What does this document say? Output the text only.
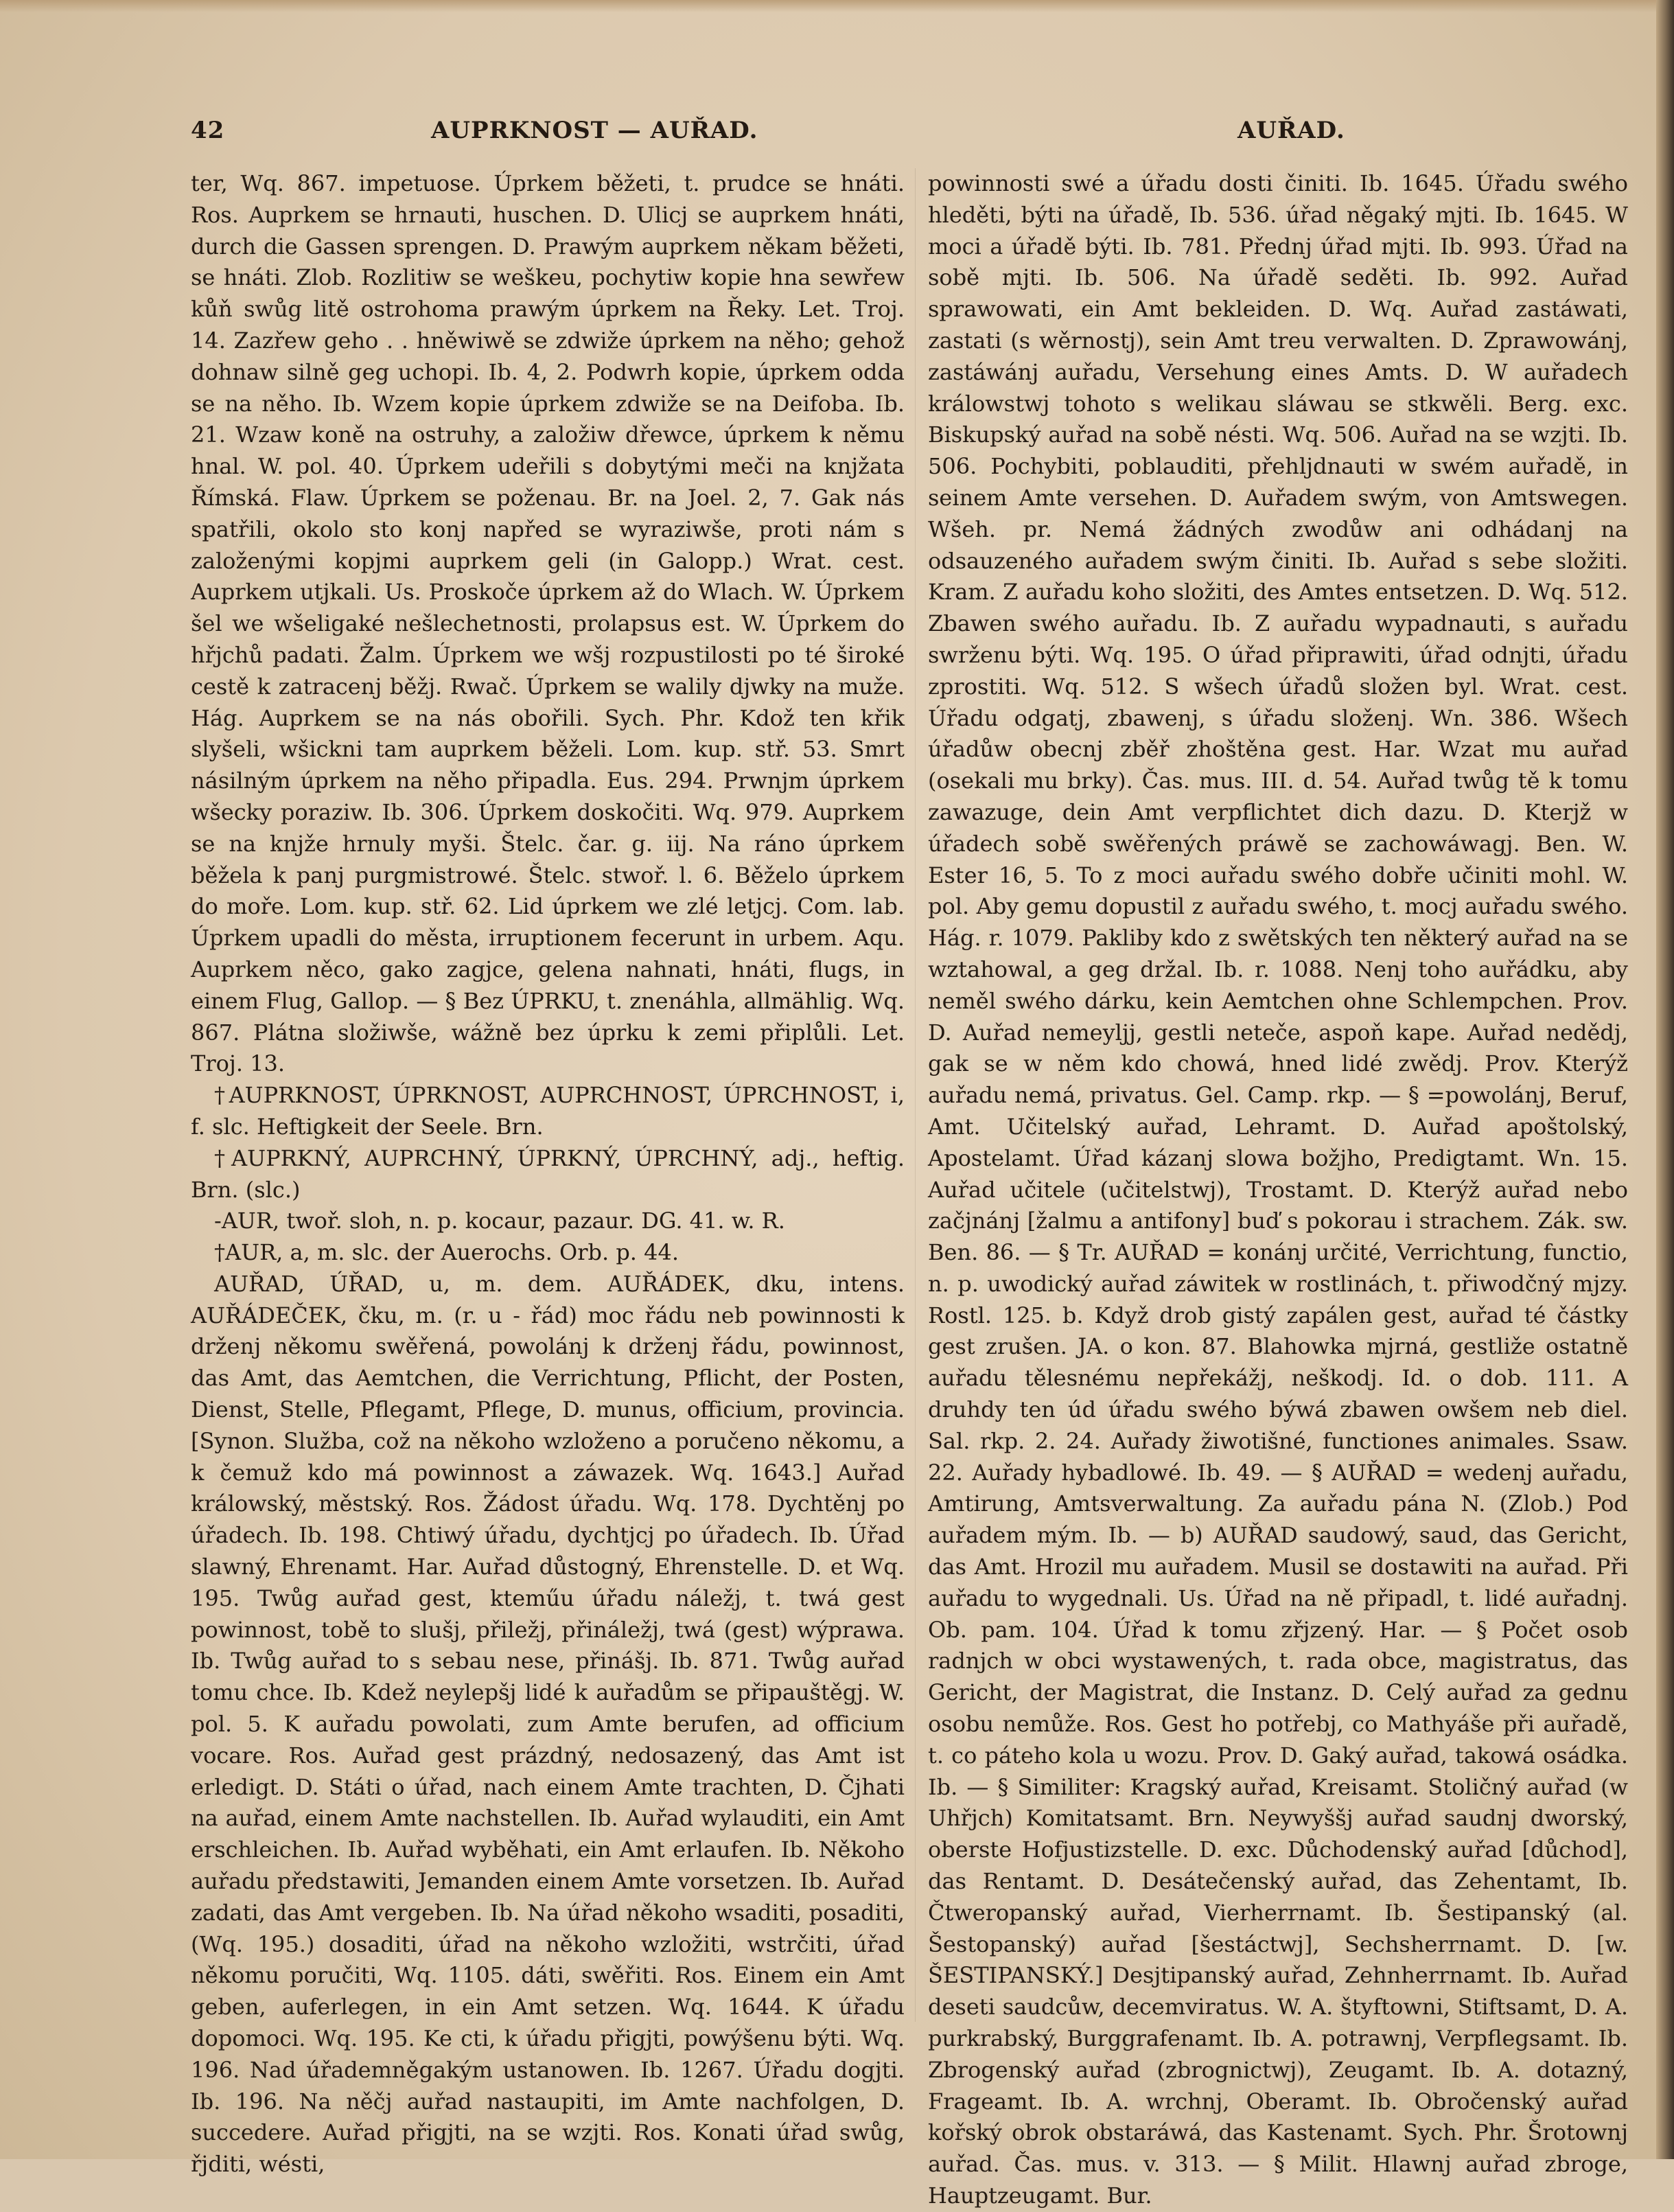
42	AUPRKNOST — AUŘAD.	AUŘAD.

ter, Wq. 867. impetuose. Úprkem běžeti, t. prudce se hnáti. Ros. Auprkem se hrnauti, huschen. D. Ulicj se auprkem hnáti, durch die Gassen sprengen. D. Prawým auprkem někam běžeti, se hnáti. Zlob. Rozlitiw se weškeu, pochytiw kopie hna sewřew kůň swůg litě ostrohoma prawým úprkem na Řeky. Let. Troj. 14. Zazřew geho . . hněwiwě se zdwiže úprkem na něho; gehož dohnaw silně geg uchopi. Ib. 4, 2. Podwrh kopie, úprkem odda se na něho. Ib. Wzem kopie úprkem zdwiže se na Deifoba. Ib. 21. Wzaw koně na ostruhy, a založiw dřewce, úprkem k němu hnal. W. pol. 40. Úprkem udeřili s dobytými meči na knjžata Římská. Flaw. Úprkem se poženau. Br. na Joel. 2, 7. Gak nás spatřili, okolo sto konj napřed se wyraziwše, proti nám s založenými kopjmi auprkem geli (in Galopp.) Wrat. cest. Auprkem utjkali. Us. Proskoče úprkem až do Wlach. W. Úprkem šel we wšeligaké nešlechetnosti, prolapsus est. W. Úprkem do hřjchů padati. Žalm. Úprkem we wšj rozpustilosti po té široké cestě k zatracenj běžj. Rwač. Úprkem se walily djwky na muže. Hág. Auprkem se na nás obořili. Sych. Phr. Kdož ten křik slyšeli, wšickni tam auprkem běželi. Lom. kup. stř. 53. Smrt násilným úprkem na něho připadla. Eus. 294. Prwnjm úprkem wšecky poraziw. Ib. 306. Úprkem doskočiti. Wq. 979. Auprkem se na knjže hrnuly myši. Štelc. čar. g. iij. Na ráno úprkem běžela k panj purgmistrowé. Štelc. stwoř. l. 6. Běželo úprkem do moře. Lom. kup. stř. 62. Lid úprkem we zlé letjcj. Com. lab. Úprkem upadli do města, irruptionem fecerunt in urbem. Aqu. Auprkem něco, gako zagjce, gelena nahnati, hnáti, flugs, in einem Flug, Gallop. — § Bez ÚPRKU, t. znenáhla, allmählig. Wq. 867. Plátna složiwše, wážně bez úprku k zemi připlůli. Let. Troj. 13.

†AUPRKNOST, ÚPRKNOST, AUPRCHNOST, ÚPRCHNOST, i, f. slc. Heftigkeit der Seele. Brn.

†AUPRKNÝ, AUPRCHNÝ, ÚPRKNÝ, ÚPRCHNÝ, adj., heftig. Brn. (slc.)

-AUR, twoř. sloh, n. p. kocaur, pazaur. DG. 41. w. R.

†AUR, a, m. slc. der Auerochs. Orb. p. 44.

AUŘAD, ÚŘAD, u, m. dem. AUŘÁDEK, dku, intens. AUŘÁDEČEK, čku, m. (r. u - řád) moc řádu neb powinnosti k drženj někomu swěřená, powolánj k drženj řádu, powinnost, das Amt, das Aemtchen, die Verrichtung, Pflicht, der Posten, Dienst, Stelle, Pflegamt, Pflege, D. munus, officium, provincia. [Synon. Služba, což na někoho wzloženo a poručeno někomu, a k čemuž kdo má powinnost a záwazek. Wq. 1643.] Auřad králowský, městský. Ros. Žádost úřadu. Wq. 178. Dychtěnj po úřadech. Ib. 198. Chtiwý úřadu, dychtjcj po úřadech. Ib. Úřad slawný, Ehrenamt. Har. Auřad důstogný, Ehrenstelle. D. et Wq. 195. Twůg auřad gest, kteműu úřadu náležj, t. twá gest powinnost, tobě to slušj, přiležj, přináležj, twá (gest) wýprawa. Ib. Twůg auřad to s sebau nese, přinášj. Ib. 871. Twůg auřad tomu chce. Ib. Kdež neylepšj lidé k auřadům se připauštěgj. W. pol. 5. K auřadu powolati, zum Amte berufen, ad officium vocare. Ros. Auřad gest prázdný, nedosazený, das Amt ist erledigt. D. Státi o úřad, nach einem Amte trachten, D. Čjhati na auřad, einem Amte nachstellen. Ib. Auřad wylauditi, ein Amt erschleichen. Ib. Auřad wyběhati, ein Amt erlaufen. Ib. Někoho auřadu předstawiti, Jemanden einem Amte vorsetzen. Ib. Auřad zadati, das Amt vergeben. Ib. Na úřad někoho wsaditi, posaditi, (Wq. 195.) dosaditi, úřad na někoho wzložiti, wstrčiti, úřad někomu poručiti, Wq. 1105. dáti, swěřiti. Ros. Einem ein Amt geben, auferlegen, in ein Amt setzen. Wq. 1644. K úřadu dopomoci. Wq. 195. Ke cti, k úřadu přigjti, powýšenu býti. Wq. 196. Nad úřademněgakým ustanowen. Ib. 1267. Úřadu dogjti. Ib. 196. Na něčj auřad nastaupiti, im Amte nachfolgen, D. succedere. Auřad přigjti, na se wzjti. Ros. Konati úřad swůg, řjditi, wésti,

powinnosti swé a úřadu dosti činiti. Ib. 1645. Úřadu swého hleděti, býti na úřadě, Ib. 536. úřad něgaký mjti. Ib. 1645. W moci a úřadě býti. Ib. 781. Přednj úřad mjti. Ib. 993. Úřad na sobě mjti. Ib. 506. Na úřadě seděti. Ib. 992. Auřad sprawowati, ein Amt bekleiden. D. Wq. Auřad zastáwati, zastati (s wěrnostj), sein Amt treu verwalten. D. Zprawowánj, zastáwánj auřadu, Versehung eines Amts. D. W auřadech králowstwj tohoto s welikau sláwau se stkwěli. Berg. exc. Biskupský auřad na sobě nésti. Wq. 506. Auřad na se wzjti. Ib. 506. Pochybiti, poblauditi, přehljdnauti w swém auřadě, in seinem Amte versehen. D. Auřadem swým, von Amtswegen. Wšeh. pr. Nemá žádných zwodůw ani odhádanj na odsauzeného auřadem swým činiti. Ib. Auřad s sebe složiti. Kram. Z auřadu koho složiti, des Amtes entsetzen. D. Wq. 512. Zbawen swého auřadu. Ib. Z auřadu wypadnauti, s auřadu swrženu býti. Wq. 195. O úřad připrawiti, úřad odnjti, úřadu zprostiti. Wq. 512. S wšech úřadů složen byl. Wrat. cest. Úřadu odgatj, zbawenj, s úřadu složenj. Wn. 386. Wšech úřadůw obecnj zběř zhoštěna gest. Har. Wzat mu auřad (osekali mu brky). Čas. mus. III. d. 54. Auřad twůg tě k tomu zawazuge, dein Amt verpflichtet dich dazu. D. Kterjž w úřadech sobě swěřených práwě se zachowáwagj. Ben. W. Ester 16, 5. To z moci auřadu swého dobře učiniti mohl. W. pol. Aby gemu dopustil z auřadu swého, t. mocj auřadu swého. Hág. r. 1079. Pakliby kdo z swětských ten některý auřad na se wztahowal, a geg držal. Ib. r. 1088. Nenj toho auřádku, aby neměl swého dárku, kein Aemtchen ohne Schlempchen. Prov. D. Auřad nemeyljj, gestli neteče, aspoň kape. Auřad nedědj, gak se w něm kdo chowá, hned lidé zwědj. Prov. Kterýž auřadu nemá, privatus. Gel. Camp. rkp. — § =powolánj, Beruf, Amt. Učitelský auřad, Lehramt. D. Auřad apoštolský, Apostelamt. Úřad kázanj slowa božjho, Predigtamt. Wn. 15. Auřad učitele (učitelstwj), Trostamt. D. Kterýž auřad nebo začjnánj [žalmu a antifony] buď s pokorau i strachem. Zák. sw. Ben. 86. — § Tr. AUŘAD = konánj určité, Verrichtung, functio, n. p. uwodický auřad záwitek w rostlinách, t. přiwodčný mjzy. Rostl. 125. b. Když drob gistý zapálen gest, auřad té částky gest zrušen. JA. o kon. 87. Blahowka mjrná, gestliže ostatně auřadu tělesnému nepřekážj, neškodj. Id. o dob. 111. A druhdy ten úd úřadu swého býwá zbawen owšem neb diel. Sal. rkp. 2. 24. Auřady žiwotišné, functiones animales. Ssaw. 22. Auřady hybadlowé. Ib. 49. — § AUŘAD = wedenj auřadu, Amtirung, Amtsverwaltung. Za auřadu pána N. (Zlob.) Pod auřadem mým. Ib. — b) AUŘAD saudowý, saud, das Gericht, das Amt. Hrozil mu auřadem. Musil se dostawiti na auřad. Při auřadu to wygednali. Us. Úřad na ně připadl, t. lidé auřadnj. Ob. pam. 104. Úřad k tomu zřjzený. Har. — § Počet osob radnjch w obci wystawených, t. rada obce, magistratus, das Gericht, der Magistrat, die Instanz. D. Celý auřad za gednu osobu nemůže. Ros. Gest ho potřebj, co Mathyáše při auřadě, t. co páteho kola u wozu. Prov. D. Gaký auřad, takowá osádka. Ib. — § Similiter: Kragský auřad, Kreisamt. Stoličný auřad (w Uhřjch) Komitatsamt. Brn. Neywyššj auřad saudnj dworský, oberste Hofjustizstelle. D. exc. Důchodenský auřad [důchod], das Rentamt. D. Desátečenský auřad, das Zehentamt, Ib. Čtweropanský auřad, Vierherrnamt. Ib. Šestipanský (al. Šestopanský) auřad [šestáctwj], Sechsherrnamt. D. [w. ŠESTIPANSKÝ.] Desjtipanský auřad, Zehnherrnamt. Ib. Auřad deseti saudcůw, decemviratus. W. A. štyftowni, Stiftsamt, D. A. purkrabský, Burggrafenamt. Ib. A. potrawnj, Verpflegsamt. Ib. Zbrogenský auřad (zbrognictwj), Zeugamt. Ib. A. dotazný, Frageamt. Ib. A. wrchnj, Oberamt. Ib. Obročenský auřad kořský obrok obstaráwá, das Kastenamt. Sych. Phr. Šrotownj auřad. Čas. mus. v. 313. — § Milit. Hlawnj auřad zbroge, Hauptzeugamt. Bur.
